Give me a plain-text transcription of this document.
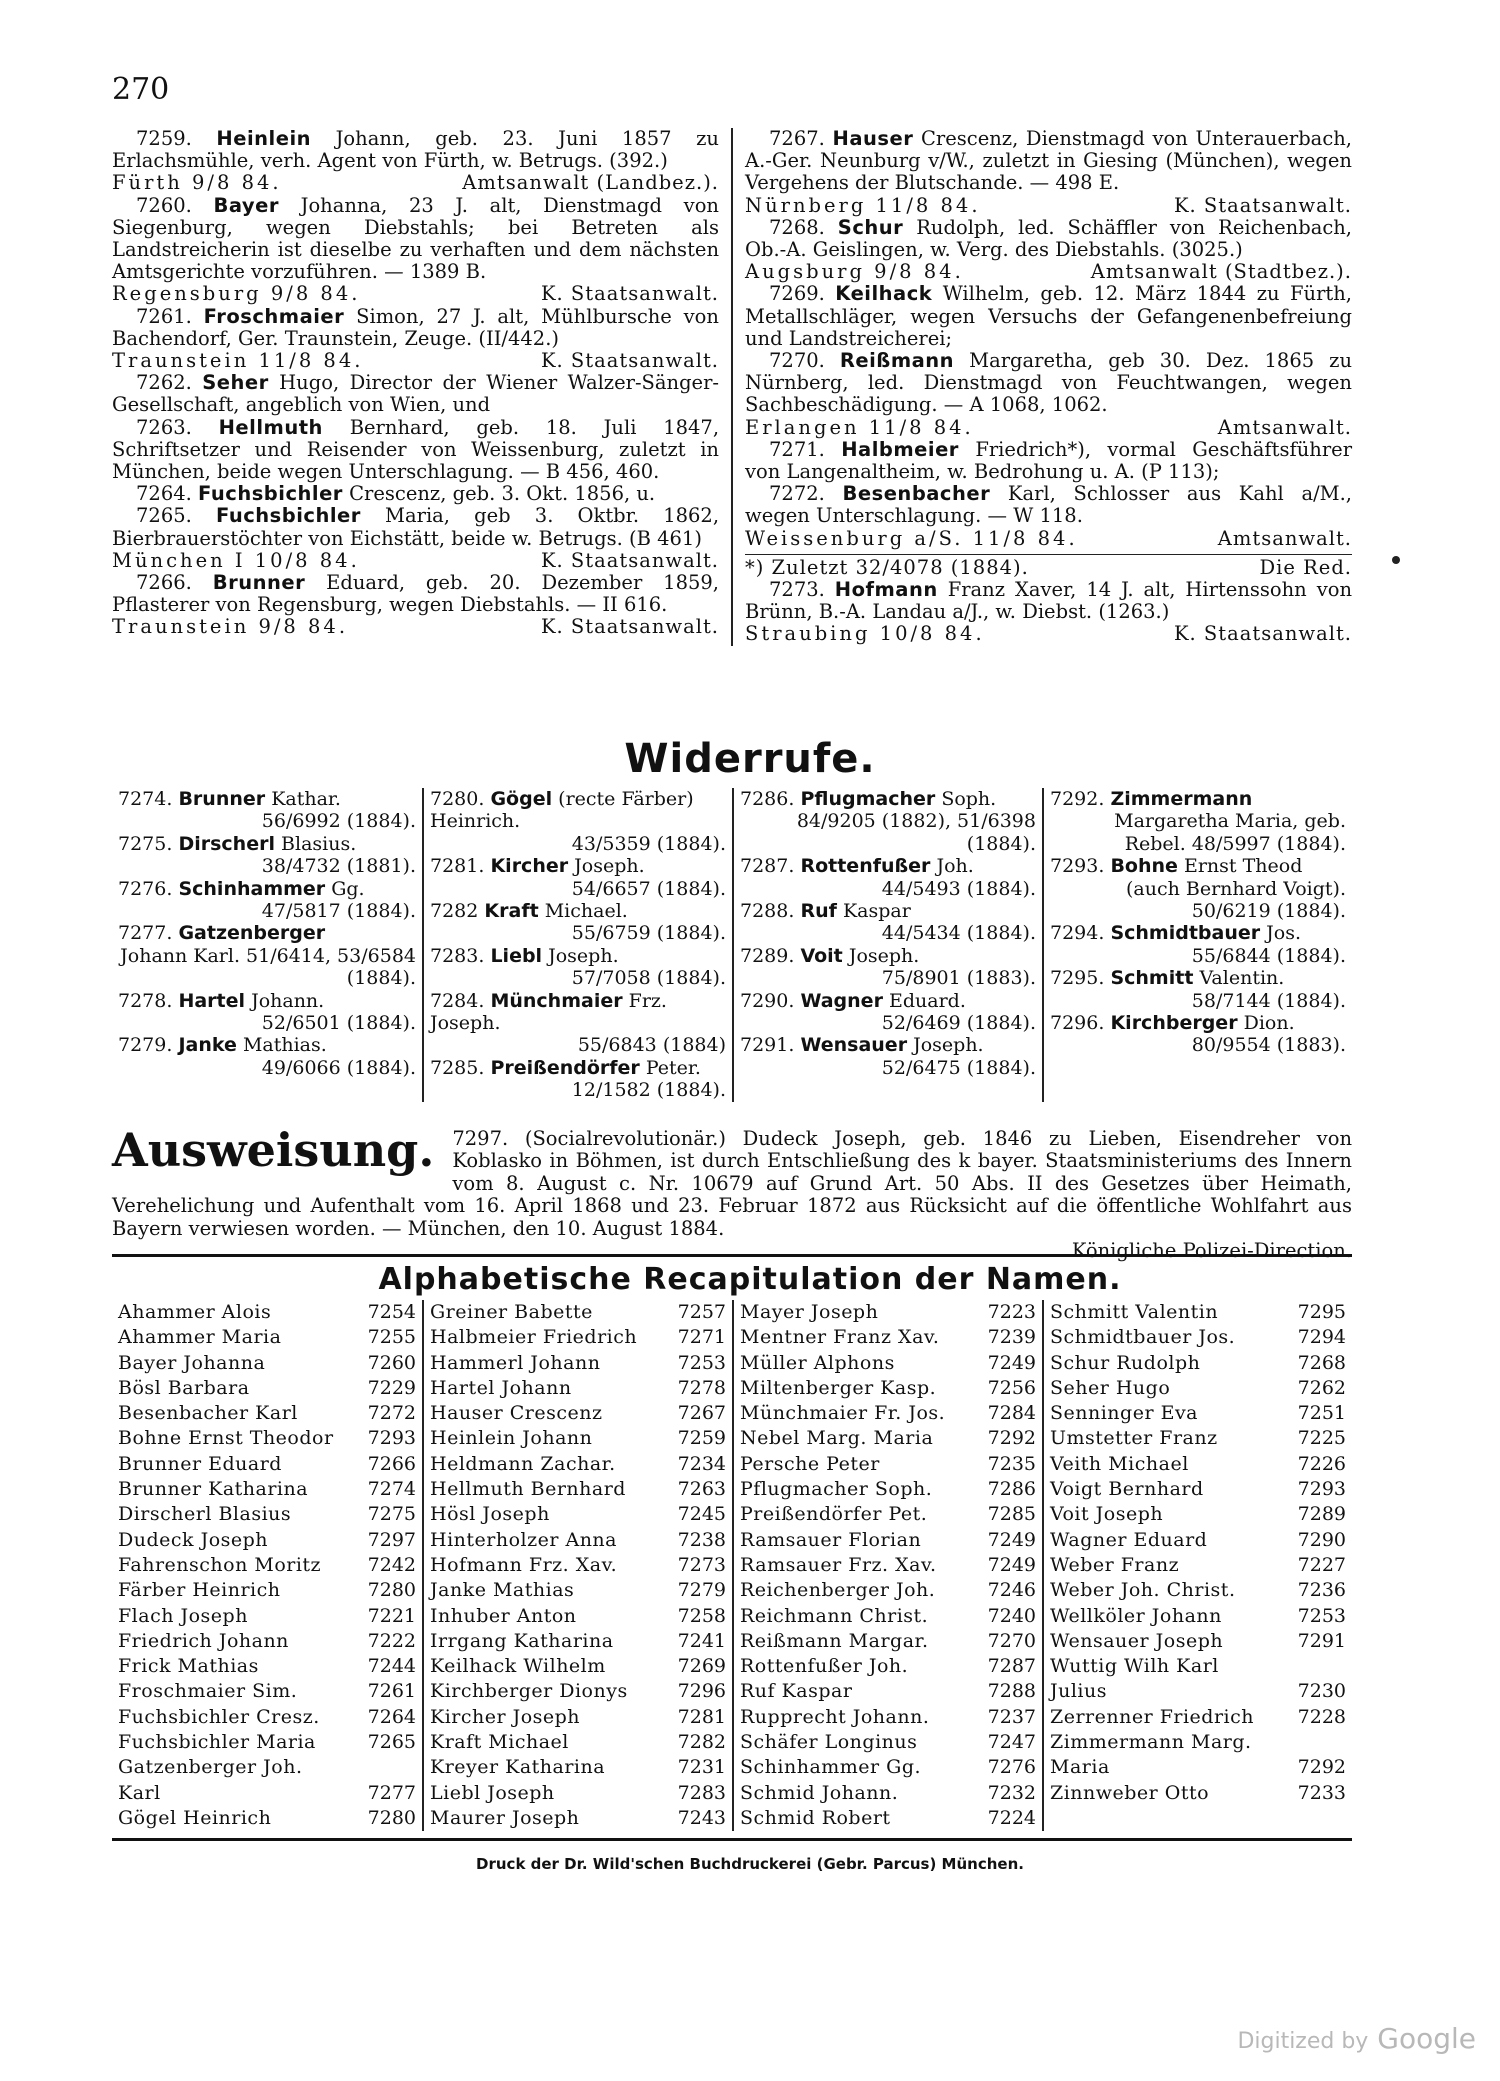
270
7259. Heinlein Johann, geb. 23. Juni 1857 zu Erlachsmühle, verh. Agent von Fürth, w. Betrugs. (392.)
Fürth 9/8 84.	Amtsanwalt (Landbez.).
7260. Bayer Johanna, 23 J. alt, Dienstmagd von Siegenburg, wegen Diebstahls; bei Betreten als Landstreicherin ist dieselbe zu verhaften und dem nächsten Amtsgerichte vorzuführen. — 1389 B.
Regensburg 9/8 84.	K. Staatsanwalt.
7261. Froschmaier Simon, 27 J. alt, Mühlbursche von Bachendorf, Ger. Traunstein, Zeuge. (II/442.)
Traunstein 11/8 84.	K. Staatsanwalt.
7262. Seher Hugo, Director der Wiener Walzer-Sänger-Gesellschaft, angeblich von Wien, und
7263. Hellmuth Bernhard, geb. 18. Juli 1847, Schriftsetzer und Reisender von Weissenburg, zuletzt in München, beide wegen Unterschlagung. — B 456, 460.
7264. Fuchsbichler Crescenz, geb. 3. Okt. 1856, u.
7265. Fuchsbichler Maria, geb 3. Oktbr. 1862, Bierbrauerstöchter von Eichstätt, beide w. Betrugs. (B 461)
München I 10/8 84.	K. Staatsanwalt.
7266. Brunner Eduard, geb. 20. Dezember 1859, Pflasterer von Regensburg, wegen Diebstahls. — II 616.
Traunstein 9/8 84.	K. Staatsanwalt.
7267. Hauser Crescenz, Dienstmagd von Unterauerbach, A.-Ger. Neunburg v/W., zuletzt in Giesing (München), wegen Vergehens der Blutschande. — 498 E.
Nürnberg 11/8 84.	K. Staatsanwalt.
7268. Schur Rudolph, led. Schäffler von Reichenbach, Ob.-A. Geislingen, w. Verg. des Diebstahls. (3025.)
Augsburg 9/8 84.	Amtsanwalt (Stadtbez.).
7269. Keilhack Wilhelm, geb. 12. März 1844 zu Fürth, Metallschläger, wegen Versuchs der Gefangenenbefreiung und Landstreicherei;
7270. Reißmann Margaretha, geb 30. Dez. 1865 zu Nürnberg, led. Dienstmagd von Feuchtwangen, wegen Sachbeschädigung. — A 1068, 1062.
Erlangen 11/8 84.	Amtsanwalt.
7271. Halbmeier Friedrich*), vormal Geschäftsführer von Langenaltheim, w. Bedrohung u. A. (P 113);
7272. Besenbacher Karl, Schlosser aus Kahl a/M., wegen Unterschlagung. — W 118.
Weissenburg a/S. 11/8 84.	Amtsanwalt.
*) Zuletzt 32/4078 (1884).	Die Red.
7273. Hofmann Franz Xaver, 14 J. alt, Hirtenssohn von Brünn, B.-A. Landau a/J., w. Diebst. (1263.)
Straubing 10/8 84.	K. Staatsanwalt.
Widerrufe.
7274. Brunner Kathar.
56/6992 (1884).
7275. Dirscherl Blasius.
38/4732 (1881).
7276. Schinhammer Gg.
47/5817 (1884).
7277. Gatzenberger
Johann Karl. 51/6414, 53/6584 (1884).
7278. Hartel Johann.
52/6501 (1884).
7279. Janke Mathias.
49/6066 (1884).
7280. Gögel (recte Färber) Heinrich.
43/5359 (1884).
7281. Kircher Joseph.
54/6657 (1884).
7282 Kraft Michael.
55/6759 (1884).
7283. Liebl Joseph.
57/7058 (1884).
7284. Münchmaier Frz. Joseph.
55/6843 (1884)
7285. Preißendörfer Peter.
12/1582 (1884).
7286. Pflugmacher Soph.
84/9205 (1882), 51/6398 (1884).
7287. Rottenfußer Joh.
44/5493 (1884).
7288. Ruf Kaspar
44/5434 (1884).
7289. Voit Joseph.
75/8901 (1883).
7290. Wagner Eduard.
52/6469 (1884).
7291. Wensauer Joseph.
52/6475 (1884).
7292. Zimmermann
Margaretha Maria, geb. Rebel. 48/5997 (1884).
7293. Bohne Ernst Theod
(auch Bernhard Voigt). 50/6219 (1884).
7294. Schmidtbauer Jos.
55/6844 (1884).
7295. Schmitt Valentin.
58/7144 (1884).
7296. Kirchberger Dion.
80/9554 (1883).
Ausweisung. 7297. (Socialrevolutionär.) Dudeck Joseph, geb. 1846 zu Lieben, Eisendreher von Koblasko in Böhmen, ist durch Entschließung des k bayer. Staatsministeriums des Innern vom 8. August c. Nr. 10679 auf Grund Art. 50 Abs. II des Gesetzes über Heimath, Verehelichung und Aufenthalt vom 16. April 1868 und 23. Februar 1872 aus Rücksicht auf die öffentliche Wohlfahrt aus Bayern verwiesen worden. — München, den 10. August 1884.
Königliche Polizei-Direction.
Alphabetische Recapitulation der Namen.
Ahammer Alois	7254
Ahammer Maria	7255
Bayer Johanna	7260
Bösl Barbara	7229
Besenbacher Karl	7272
Bohne Ernst Theodor 7293
Brunner Eduard	7266
Brunner Katharina	7274
Dirscherl Blasius	7275
Dudeck Joseph	7297
Fahrenschon Moritz 7242
Färber Heinrich	7280
Flach Joseph	7221
Friedrich Johann	7222
Frick Mathias	7244
Froschmaier Sim.	7261
Fuchsbichler Cresz.	7264
Fuchsbichler Maria	7265
Gatzenberger Joh.
Karl	7277
Gögel Heinrich	7280
Greiner Babette	7257
Halbmeier Friedrich 7271
Hammerl Johann	7253
Hartel Johann	7278
Hauser Crescenz	7267
Heinlein Johann	7259
Heldmann Zachar.	7234
Hellmuth Bernhard	7263
Hösl Joseph	7245
Hinterholzer Anna	7238
Hofmann Frz. Xav.	7273
Janke Mathias	7279
Inhuber Anton	7258
Irrgang Katharina	7241
Keilhack Wilhelm	7269
Kirchberger Dionys	7296
Kircher Joseph	7281
Kraft Michael	7282
Kreyer Katharina	7231
Liebl Joseph	7283
Maurer Joseph	7243
Mayer Joseph	7223
Mentner Franz Xav.	7239
Müller Alphons	7249
Miltenberger Kasp.	7256
Münchmaier Fr. Jos. 7284
Nebel Marg. Maria	7292
Persche Peter	7235
Pflugmacher Soph.	7286
Preißendörfer Pet.	7285
Ramsauer Florian	7249
Ramsauer Frz. Xav.	7249
Reichenberger Joh.	7246
Reichmann Christ.	7240
Reißmann Margar.	7270
Rottenfußer Joh.	7287
Ruf Kaspar	7288
Rupprecht Johann.	7237
Schäfer Longinus	7247
Schinhammer Gg.	7276
Schmid Johann.	7232
Schmid Robert	7224
Schmitt Valentin	7295
Schmidtbauer Jos.	7294
Schur Rudolph	7268
Seher Hugo	7262
Senninger Eva	7251
Umstetter Franz	7225
Veith Michael	7226
Voigt Bernhard	7293
Voit Joseph	7289
Wagner Eduard	7290
Weber Franz	7227
Weber Joh. Christ.	7236
Wellköler Johann	7253
Wensauer Joseph	7291
Wuttig Wilh Karl
Julius	7230
Zerrenner Friedrich 7228
Zimmermann Marg.
Maria	7292
Zinnweber Otto	7233
Druck der Dr. Wild'schen Buchdruckerei (Gebr. Parcus) München.
Digitized by Google
